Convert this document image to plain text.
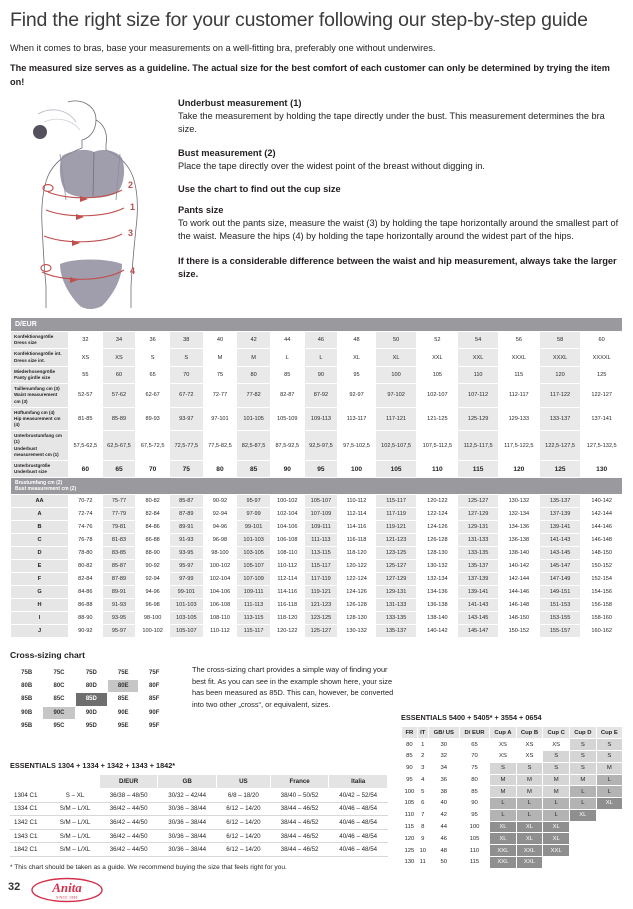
Find the right size for your customer following our step-by-step guide

When it comes to bras, base your measurements on a well-fitting bra, preferably one without underwires.

The measured size serves as a guideline. The actual size for the best comfort of each customer can only be determined by trying the item on!

2
1
3
4
Underbust measurement (1)

Take the measurement by holding the tape directly under the bust. This measurement determines the bra size.

Bust measurement (2)

Place the tape directly over the widest point of the breast without digging in.

Use the chart to find out the cup size
Pants size

To work out the pants size, measure the waist (3) by holding the tape horizontally around the smallest part of the waist. Measure the hips (4) by holding the tape horizontally around the widest part of the hips.

If there is a considerable difference between the waist and hip measurement, always take the larger size.
D/EUR															

Konfektionsgröße
Dress size	32	34	36	38	40	42	44	46	48	50	52	54	56	58	60

Konfektionsgröße int.
Dress size int.	XS	XS	S	S	M	M	L	L	XL	XL	XXL	XXL	XXXL	XXXL	XXXXL

Miederhosengröße
Panty girdle size	55	60	65	70	75	80	85	90	95	100	105	110	115	120	125

Taillenumfang cm (3)
Waist measurement cm (3)	52-57	57-62	62-67	67-72	72-77	77-82	82-87	87-92	92-97	97-102	102-107	107-112	112-117	117-122	122-127

Hüftumfang cm (4)
Hip measurement cm (4)	81-85	85-89	89-93	93-97	97-101	101-105	105-109	109-113	113-117	117-121	121-125	125-129	129-133	133-137	137-141

Unterbrustumfang cm (1)
Underbust measurement cm (1)	57,5-62,5	62,5-67,5	67,5-72,5	72,5-77,5	77,5-82,5	82,5-87,5	87,5-92,5	92,5-97,5	97,5-102,5	102,5-107,5	107,5-112,5	112,5-117,5	117,5-122,5	122,5-127,5	127,5-132,5

Unterbrustgröße
Underbust size	60	65	70	75	80	85	90	95	100	105	110	115	120	125	130

Brustumfang cm (2)
Bust measurement cm (2)															

AA	70-72	75-77	80-82	85-87	90-92	95-97	100-102	105-107	110-112	115-117	120-122	125-127	130-132	135-137	140-142
A	72-74	77-79	82-84	87-89	92-94	97-99	102-104	107-109	112-114	117-119	122-124	127-129	132-134	137-139	142-144
B	74-76	79-81	84-86	89-91	94-96	99-101	104-106	109-111	114-116	119-121	124-126	129-131	134-136	139-141	144-146
C	76-78	81-83	86-88	91-93	96-98	101-103	106-108	111-113	116-118	121-123	126-128	131-133	136-138	141-143	146-148
D	78-80	83-85	88-90	93-95	98-100	103-105	108-110	113-115	118-120	123-125	128-130	133-135	138-140	143-145	148-150
E	80-82	85-87	90-92	95-97	100-102	105-107	110-112	115-117	120-122	125-127	130-132	135-137	140-142	145-147	150-152
F	82-84	87-89	92-94	97-99	102-104	107-109	112-114	117-119	122-124	127-129	132-134	137-139	142-144	147-149	152-154
G	84-86	89-91	94-96	99-101	104-106	109-111	114-116	119-121	124-126	129-131	134-136	139-141	144-146	149-151	154-156
H	86-88	91-93	96-98	101-103	106-108	111-113	116-118	121-123	126-128	131-133	136-138	141-143	146-148	151-153	156-158
I	88-90	93-95	98-100	103-105	108-110	113-115	118-120	123-125	128-130	133-135	138-140	143-145	148-150	153-155	158-160
J	90-92	95-97	100-102	105-107	110-112	115-117	120-122	125-127	130-132	135-137	140-142	145-147	150-152	155-157	160-162
Cross-sizing chart
75B	75C	75D	75E	75F
80B	80C	80D	80E	80F
85B	85C	85D	85E	85F
90B	90C	90D	90E	90F
95B	95C	95D	95E	95F
The cross-sizing chart provides a simple way of finding your best fit. As you can see in the example shown here, your size has been measured as 85D. This can, however, be converted into two other „cross“, or equivalent, sizes.
ESSENTIALS 5400 + 5405* + 3554 + 0654
FR	IT	GB/ US	D/ EUR	Cup A	Cup B	Cup C	Cup D	Cup E
80	1	30	65	XS	XS	XS	S	S
85	2	32	70	XS	XS	S	S	S
90	3	34	75	S	S	S	S	M
95	4	36	80	M	M	M	M	L
100	5	38	85	M	M	M	L	L
105	6	40	90	L	L	L	L	XL
110	7	42	95	L	L	L	XL	
115	8	44	100	XL	XL	XL		
120	9	46	105	XL	XL	XL		
125	10	48	110	XXL	XXL	XXL		
130	11	50	115	XXL	XXL			
ESSENTIALS 1304 + 1334 + 1342 + 1343 + 1842*
		D/EUR	GB	US	France	Italia
1304 C1	S – XL	36/38 – 48/50	30/32 – 42/44	6/8 – 18/20	38/40 – 50/52	40/42 – 52/54
1334 C1	S/M – L/XL	36/42 – 44/50	30/36 – 38/44	6/12 – 14/20	38/44 – 46/52	40/46 – 48/54
1342 C1	S/M – L/XL	36/42 – 44/50	30/36 – 38/44	6/12 – 14/20	38/44 – 46/52	40/46 – 48/54
1343 C1	S/M – L/XL	36/42 – 44/50	30/36 – 38/44	6/12 – 14/20	38/44 – 46/52	40/46 – 48/54
1842 C1	S/M – L/XL	36/42 – 44/50	30/36 – 38/44	6/12 – 14/20	38/44 – 46/52	40/46 – 48/54
* This chart should be taken as a guide. We recommend buying the size that feels right for you.
32 Anita
SINCE 1886
